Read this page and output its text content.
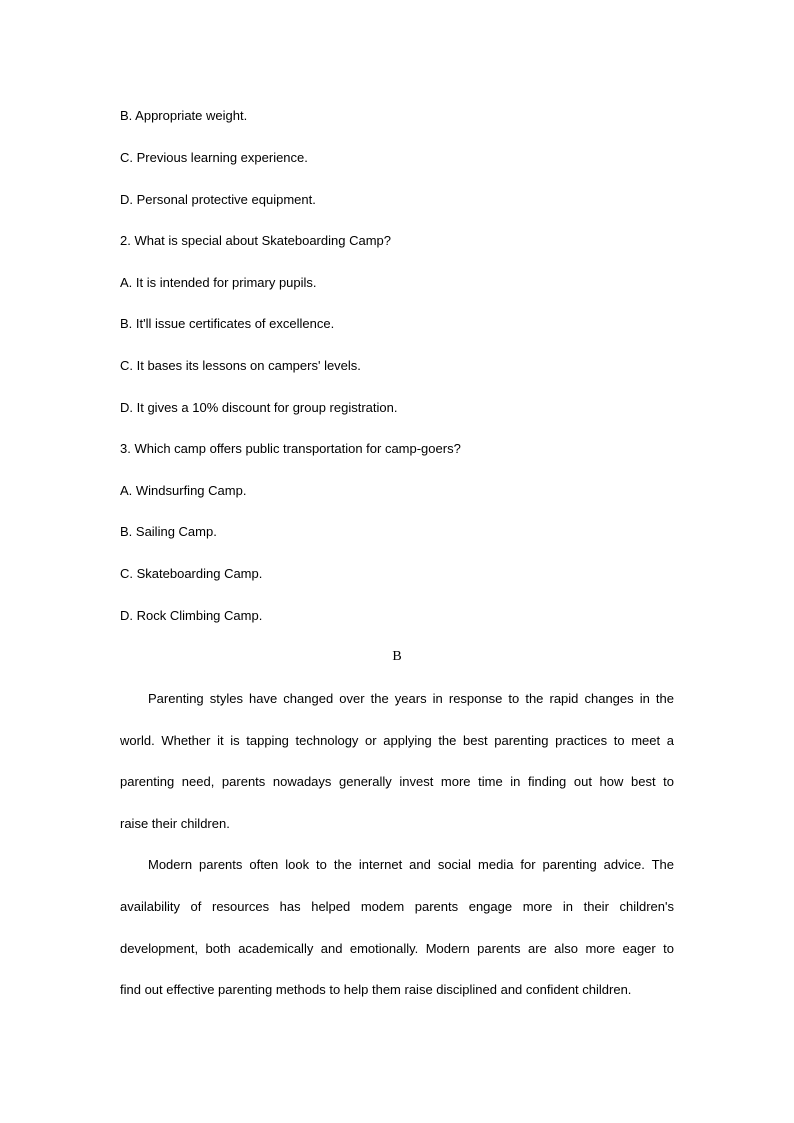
B. Appropriate weight.
C. Previous learning experience.
D. Personal protective equipment.
2. What is special about Skateboarding Camp?
A. It is intended for primary pupils.
B. It'll issue certificates of excellence.
C. It bases its lessons on campers' levels.
D. It gives a 10% discount for group registration.
3. Which camp offers public transportation for camp-goers?
A. Windsurfing Camp.
B. Sailing Camp.
C. Skateboarding Camp.
D. Rock Climbing Camp.
B
Parenting styles have changed over the years in response to the rapid changes in the
world. Whether it is tapping technology or applying the best parenting practices to meet a
parenting need, parents nowadays generally invest more time in finding out how best to
raise their children.
Modern parents often look to the internet and social media for parenting advice. The
availability of resources has helped modem parents engage more in their children's
development, both academically and emotionally. Modern parents are also more eager to
find out effective parenting methods to help them raise disciplined and confident children.
